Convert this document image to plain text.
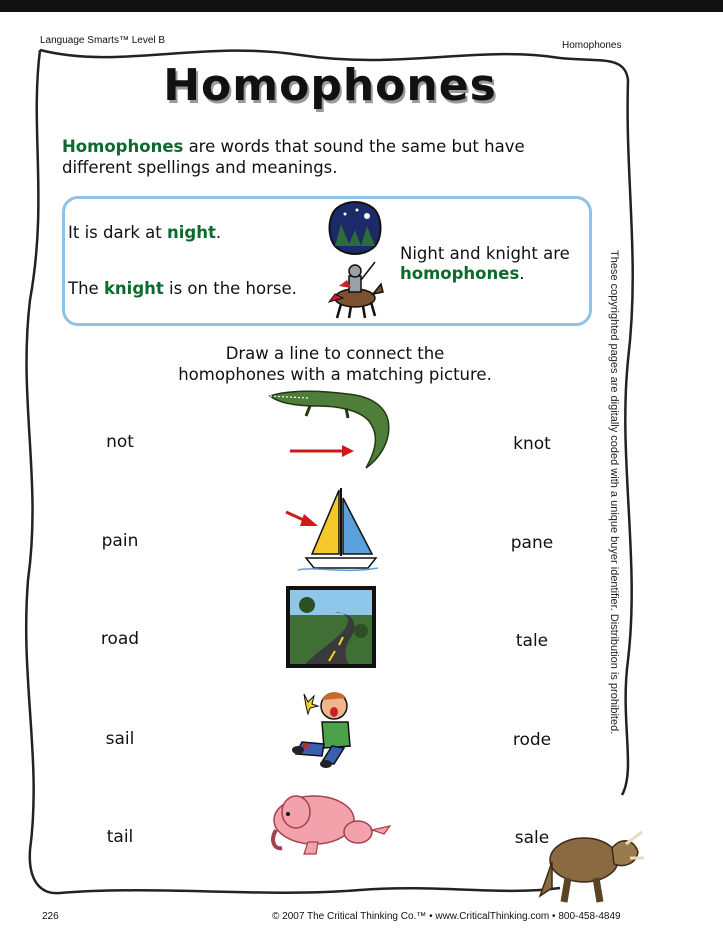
Language Smarts™ Level B	Homophones
Homophones
Homophones are words that sound the same but have different spellings and meanings.
It is dark at night.
The knight is on the horse.
Night and knight are homophones.
Draw a line to connect the
homophones with a matching picture.
not	knot
pain	pane
road	tale
sail	rode
tail	sale
These copyrighted pages are digitally coded with a unique buyer identifier. Distribution is prohibited.
226	© 2007 The Critical Thinking Co.™ • www.CriticalThinking.com • 800-458-4849
